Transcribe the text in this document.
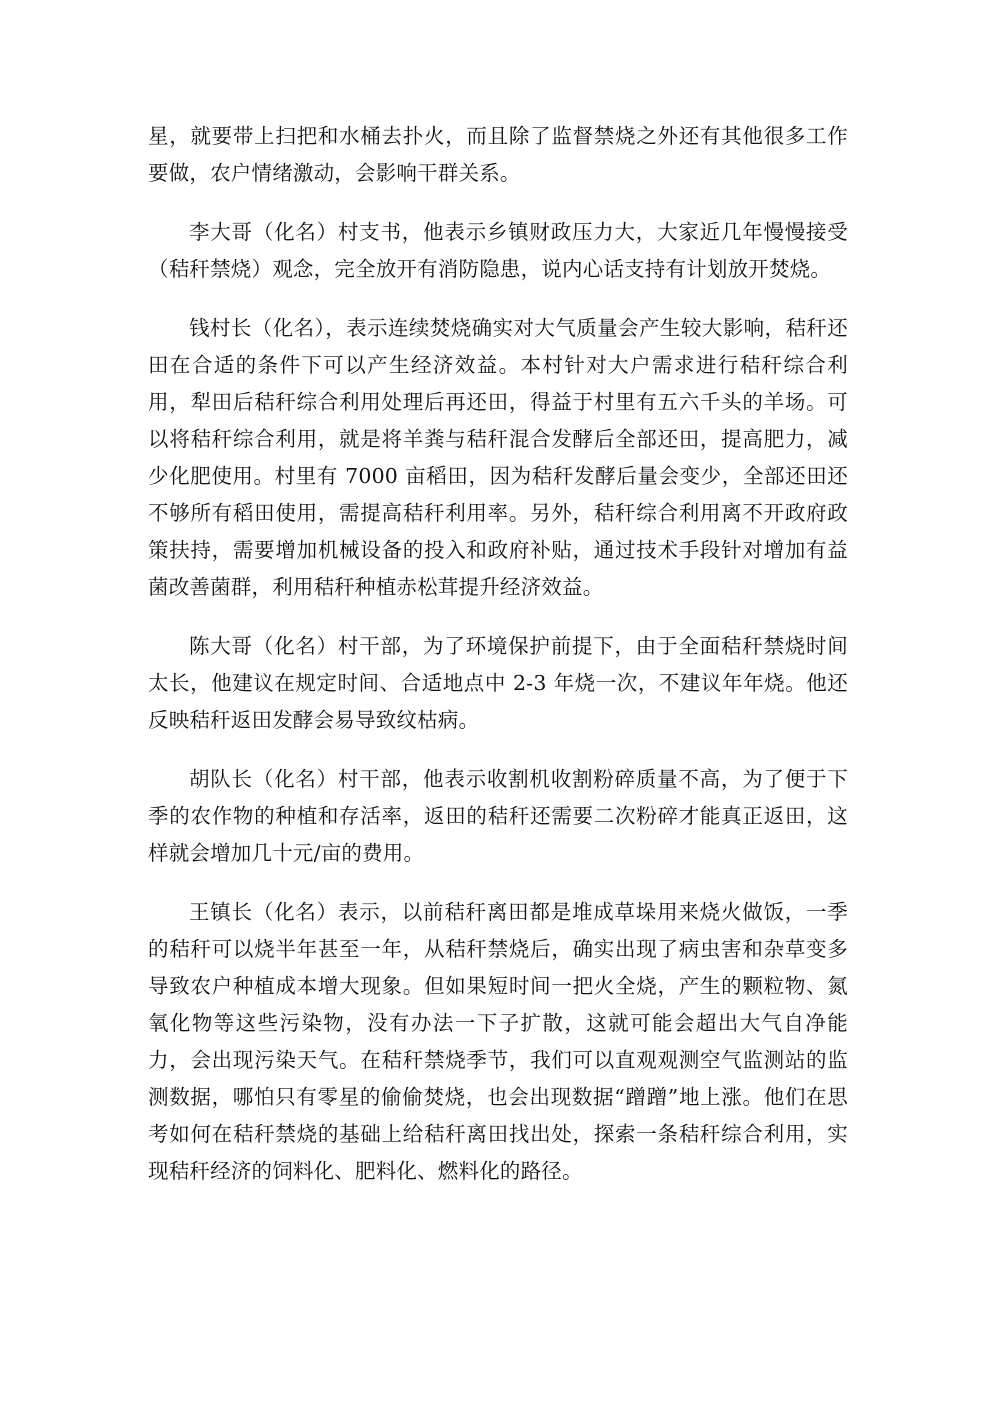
星，就要带上扫把和水桶去扑火，而且除了监督禁烧之外还有其他很多工作要做，农户情绪激动，会影响干群关系。

李大哥（化名）村支书，他表示乡镇财政压力大，大家近几年慢慢接受（秸秆禁烧）观念，完全放开有消防隐患，说内心话支持有计划放开焚烧。

钱村长（化名），表示连续焚烧确实对大气质量会产生较大影响，秸秆还田在合适的条件下可以产生经济效益。本村针对大户需求进行秸秆综合利用，犁田后秸秆综合利用处理后再还田，得益于村里有五六千头的羊场。可以将秸秆综合利用，就是将羊粪与秸秆混合发酵后全部还田，提高肥力，减少化肥使用。村里有 7000 亩稻田，因为秸秆发酵后量会变少，全部还田还不够所有稻田使用，需提高秸秆利用率。另外，秸秆综合利用离不开政府政策扶持，需要增加机械设备的投入和政府补贴，通过技术手段针对增加有益菌改善菌群，利用秸秆种植赤松茸提升经济效益。

陈大哥（化名）村干部，为了环境保护前提下，由于全面秸秆禁烧时间太长，他建议在规定时间、合适地点中 2-3 年烧一次，不建议年年烧。他还反映秸秆返田发酵会易导致纹枯病。

胡队长（化名）村干部，他表示收割机收割粉碎质量不高，为了便于下季的农作物的种植和存活率，返田的秸秆还需要二次粉碎才能真正返田，这样就会增加几十元/亩的费用。

王镇长（化名）表示，以前秸秆离田都是堆成草垛用来烧火做饭，一季的秸秆可以烧半年甚至一年，从秸秆禁烧后，确实出现了病虫害和杂草变多导致农户种植成本增大现象。但如果短时间一把火全烧，产生的颗粒物、氮氧化物等这些污染物，没有办法一下子扩散，这就可能会超出大气自净能力，会出现污染天气。在秸秆禁烧季节，我们可以直观观测空气监测站的监测数据，哪怕只有零星的偷偷焚烧，也会出现数据“蹭蹭”地上涨。他们在思考如何在秸秆禁烧的基础上给秸秆离田找出处，探索一条秸秆综合利用，实现秸秆经济的饲料化、肥料化、燃料化的路径。
